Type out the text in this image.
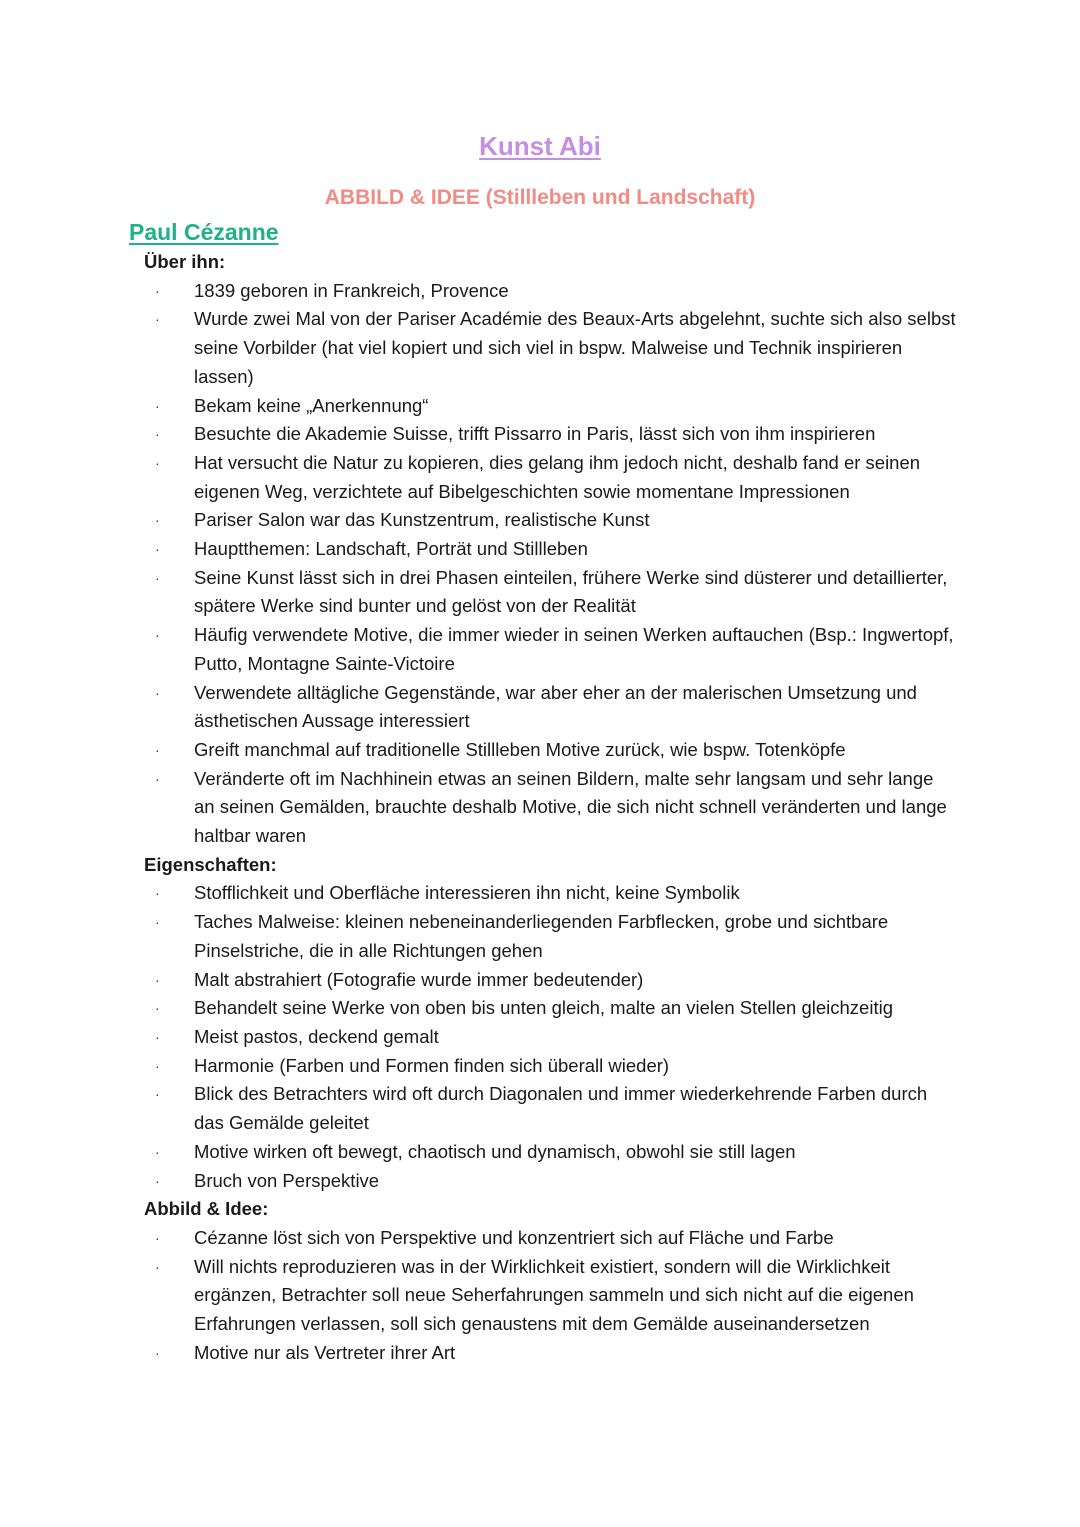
Kunst Abi
ABBILD & IDEE (Stillleben und Landschaft)
Paul Cézanne
Über ihn:
· 1839 geboren in Frankreich, Provence
· Wurde zwei Mal von der Pariser Académie des Beaux-Arts abgelehnt, suchte sich also selbst seine Vorbilder (hat viel kopiert und sich viel in bspw. Malweise und Technik inspirieren lassen)
· Bekam keine „Anerkennung“
· Besuchte die Akademie Suisse, trifft Pissarro in Paris, lässt sich von ihm inspirieren
· Hat versucht die Natur zu kopieren, dies gelang ihm jedoch nicht, deshalb fand er seinen eigenen Weg, verzichtete auf Bibelgeschichten sowie momentane Impressionen
· Pariser Salon war das Kunstzentrum, realistische Kunst
· Hauptthemen: Landschaft, Porträt und Stillleben
· Seine Kunst lässt sich in drei Phasen einteilen, frühere Werke sind düsterer und detaillierter, spätere Werke sind bunter und gelöst von der Realität
· Häufig verwendete Motive, die immer wieder in seinen Werken auftauchen (Bsp.: Ingwertopf, Putto, Montagne Sainte-Victoire
· Verwendete alltägliche Gegenstände, war aber eher an der malerischen Umsetzung und ästhetischen Aussage interessiert
· Greift manchmal auf traditionelle Stillleben Motive zurück, wie bspw. Totenköpfe
· Veränderte oft im Nachhinein etwas an seinen Bildern, malte sehr langsam und sehr lange an seinen Gemälden, brauchte deshalb Motive, die sich nicht schnell veränderten und lange haltbar waren
Eigenschaften:
· Stofflichkeit und Oberfläche interessieren ihn nicht, keine Symbolik
· Taches Malweise: kleinen nebeneinanderliegenden Farbflecken, grobe und sichtbare Pinselstriche, die in alle Richtungen gehen
· Malt abstrahiert (Fotografie wurde immer bedeutender)
· Behandelt seine Werke von oben bis unten gleich, malte an vielen Stellen gleichzeitig
· Meist pastos, deckend gemalt
· Harmonie (Farben und Formen finden sich überall wieder)
· Blick des Betrachters wird oft durch Diagonalen und immer wiederkehrende Farben durch das Gemälde geleitet
· Motive wirken oft bewegt, chaotisch und dynamisch, obwohl sie still lagen
· Bruch von Perspektive
Abbild & Idee:
· Cézanne löst sich von Perspektive und konzentriert sich auf Fläche und Farbe
· Will nichts reproduzieren was in der Wirklichkeit existiert, sondern will die Wirklichkeit ergänzen, Betrachter soll neue Seherfahrungen sammeln und sich nicht auf die eigenen Erfahrungen verlassen, soll sich genaustens mit dem Gemälde auseinandersetzen
· Motive nur als Vertreter ihrer Art
